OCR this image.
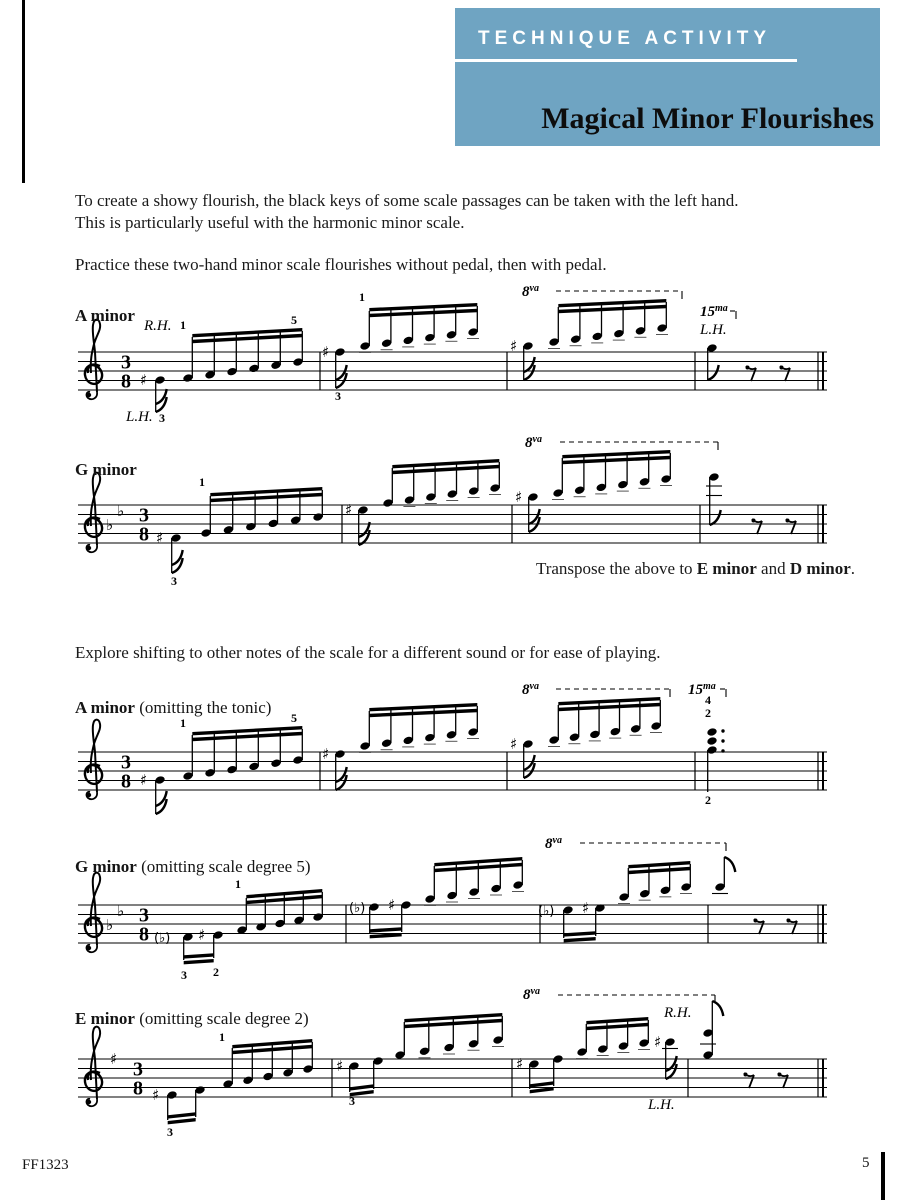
TECHNIQUE ACTIVITY
Magical Minor Flourishes
To create a showy flourish, the black keys of some scale passages can be taken with the left hand.
This is particularly useful with the harmonic minor scale.
Practice these two-hand minor scale flourishes without pedal, then with pedal.
Transpose the above to E minor and D minor.
Explore shifting to other notes of the scale for a different sound or for ease of playing.
A minor
3
8 ♯
L.H. 3
R.H. 1	5
♯
3
1
♯
$8^{va}$
$15^{ma}$
L.H.
G minor
♭
♭ 3
8 ♯
3
1
♯
♯
$8^{va}$
A minor (omitting the tonic)
3
8 ♯
1	5
♯
♯
$8^{va}$	$15^{ma}$
4
2
2
G minor (omitting scale degree 5)
♭
♭ 3
8 (♭) ♯
3 2
1
(♭) ♯	(♭) ♯
$8^{va}$
E minor (omitting scale degree 2)
♯ 3
8 ♯
3
1
♯
3
♯
♯
L.H.
$8^{va}$
R.H.
FF1323	5
